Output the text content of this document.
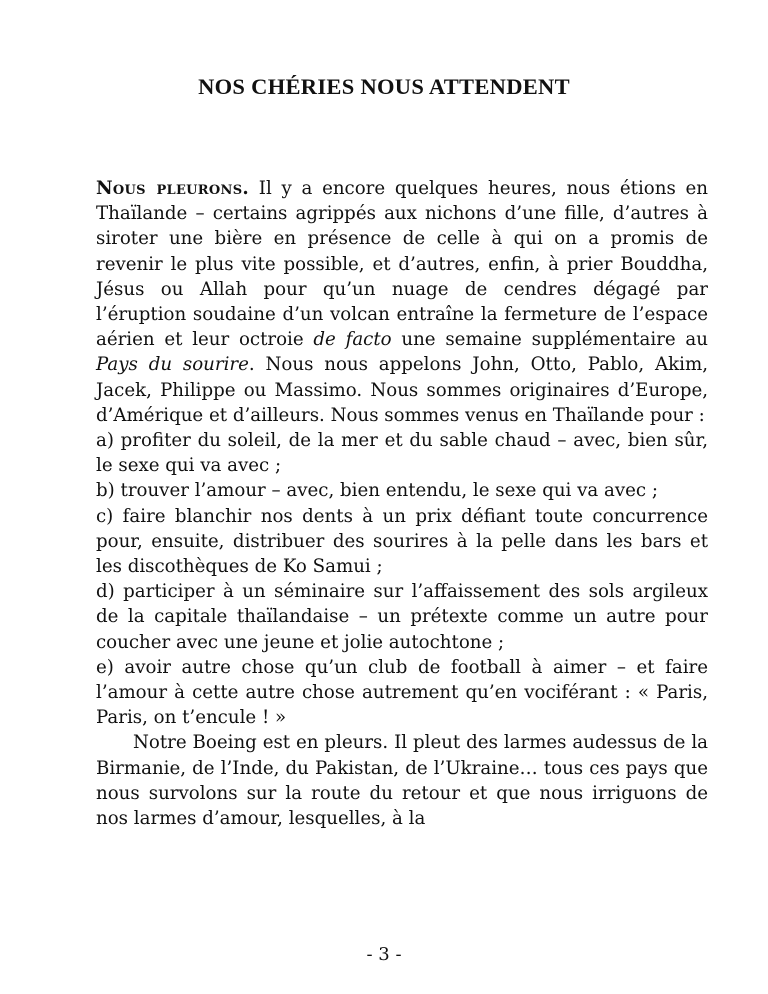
NOS CHÉRIES NOUS ATTENDENT

Nous pleurons. Il y a encore quelques heures, nous étions en Thaïlande – certains agrippés aux nichons d’une fille, d’autres à siroter une bière en présence de celle à qui on a promis de revenir le plus vite possible, et d’autres, enfin, à prier Bouddha, Jésus ou Allah pour qu’un nuage de cendres dégagé par l’éruption soudaine d’un volcan entraîne la fermeture de l’espace aérien et leur octroie de facto une semaine supplémentaire au Pays du sourire. Nous nous appelons John, Otto, Pablo, Akim, Jacek, Philippe ou Massimo. Nous sommes originaires d’Europe, d’Amérique et d’ailleurs. Nous sommes venus en Thaïlande pour :

a) profiter du soleil, de la mer et du sable chaud – avec, bien sûr, le sexe qui va avec ;

b) trouver l’amour – avec, bien entendu, le sexe qui va avec ;

c) faire blanchir nos dents à un prix défiant toute concurrence pour, ensuite, distribuer des sourires à la pelle dans les bars et les discothèques de Ko Samui ;

d) participer à un séminaire sur l’affaissement des sols argileux de la capitale thaïlandaise – un prétexte comme un autre pour coucher avec une jeune et jolie autochtone ;

e) avoir autre chose qu’un club de football à aimer – et faire l’amour à cette autre chose autrement qu’en vociférant : « Paris, Paris, on t’encule ! »

Notre Boeing est en pleurs. Il pleut des larmes audessus de la Birmanie, de l’Inde, du Pakistan, de l’Ukraine… tous ces pays que nous survolons sur la route du retour et que nous irriguons de nos larmes d’amour, lesquelles, à la

- 3 -
